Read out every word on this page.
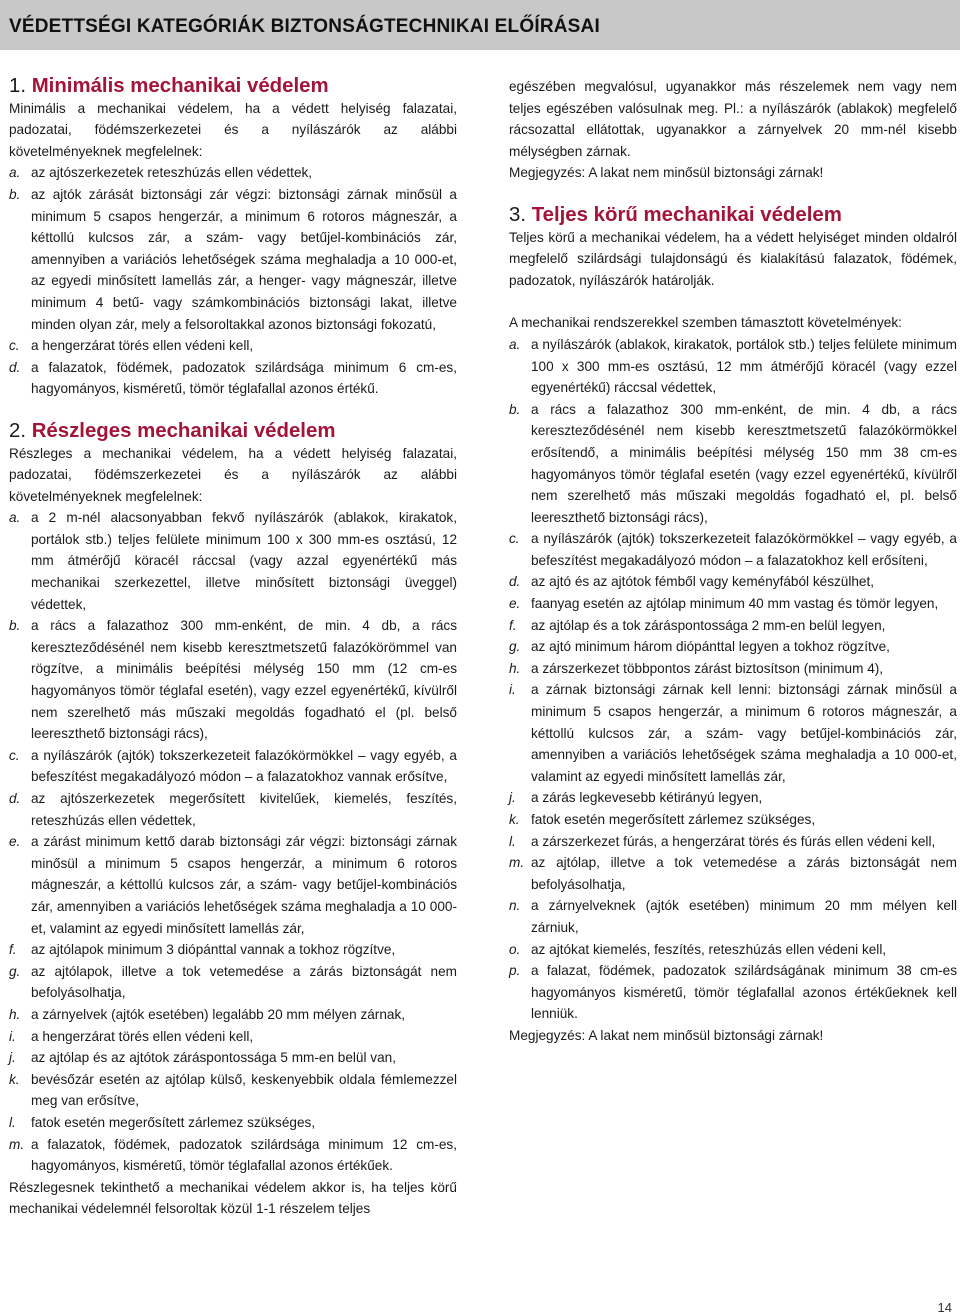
VÉDETTSÉGI KATEGÓRIÁK BIZTONSÁGTECHNIKAI ELŐÍRÁSAI
1. Minimális mechanikai védelem

Minimális a mechanikai védelem, ha a védett helyiség falazatai, padozatai, födémszerkezetei és a nyílászárók az alábbi követelményeknek megfelelnek:

a. az ajtószerkezetek reteszhúzás ellen védettek,
b. az ajtók zárását biztonsági zár végzi: biztonsági zárnak minősül a minimum 5 csapos hengerzár, a minimum 6 rotoros mágneszár, a kéttollú kulcsos zár, a szám- vagy betűjel-kombinációs zár, amennyiben a variációs lehetőségek száma meghaladja a 10 000-et, az egyedi minősített lamellás zár, a henger- vagy mágneszár, illetve minimum 4 betű- vagy számkombinációs biztonsági lakat, illetve minden olyan zár, mely a felsoroltakkal azonos biztonsági fokozatú,
c. a hengerzárat törés ellen védeni kell,
d. a falazatok, födémek, padozatok szilárdsága minimum 6 cm-es, hagyományos, kisméretű, tömör téglafallal azonos értékű.
2. Részleges mechanikai védelem

Részleges a mechanikai védelem, ha a védett helyiség falazatai, padozatai, födémszerkezetei és a nyílászárók az alábbi követelményeknek megfelelnek:

a. a 2 m-nél alacsonyabban fekvő nyílászárók (ablakok, kirakatok, portálok stb.) teljes felülete minimum 100 x 300 mm-es osztású, 12 mm átmérőjű köracél ráccsal (vagy azzal egyenértékű más mechanikai szerkezettel, illetve minősített biztonsági üveggel) védettek,
b. a rács a falazathoz 300 mm-enként, de min. 4 db, a rács kereszteződésénél nem kisebb keresztmetszetű falazókörömmel van rögzítve, a minimális beépítési mélység 150 mm (12 cm-es hagyományos tömör téglafal esetén), vagy ezzel egyenértékű, kívülről nem szerelhető más műszaki megoldás fogadható el (pl. belső leereszthető biztonsági rács),
c. a nyílászárók (ajtók) tokszerkezeteit falazókörmökkel – vagy egyéb, a befeszítést megakadályozó módon – a falazatokhoz vannak erősítve,
d. az ajtószerkezetek megerősített kivitelűek, kiemelés, feszítés, reteszhúzás ellen védettek,
e. a zárást minimum kettő darab biztonsági zár végzi: biztonsági zárnak minősül a minimum 5 csapos hengerzár, a minimum 6 rotoros mágneszár, a kéttollú kulcsos zár, a szám- vagy betűjel-kombinációs zár, amennyiben a variációs lehetőségek száma meghaladja a 10 000-et, valamint az egyedi minősített lamellás zár,
f.	az ajtólapok minimum 3 diópánttal vannak a tokhoz rögzítve,
g. az ajtólapok, illetve a tok vetemedése a zárás biztonságát nem befolyásolhatja,
h. a zárnyelvek (ajtók esetében) legalább 20 mm mélyen zárnak,
i.	a hengerzárat törés ellen védeni kell,
j.	az ajtólap és az ajtótok záráspontossága 5 mm-en belül van,
k. bevésőzár esetén az ajtólap külső, keskenyebbik oldala fémlemezzel meg van erősítve,
l.	fatok esetén megerősített zárlemez szükséges,
m. a falazatok, födémek, padozatok szilárdsága minimum 12 cm-es, hagyományos, kisméretű, tömör téglafallal azonos értékűek.

Részlegesnek tekinthető a mechanikai védelem akkor is, ha teljes körű mechanikai védelemnél felsoroltak közül 1-1 részelem teljes

egészében megvalósul, ugyanakkor más részelemek nem vagy nem teljes egészében valósulnak meg. Pl.: a nyílászárók (ablakok) megfelelő rácsozattal ellátottak, ugyanakkor a zárnyelvek 20 mm-nél kisebb mélységben zárnak.

Megjegyzés: A lakat nem minősül biztonsági zárnak!

3. Teljes körű mechanikai védelem

Teljes körű a mechanikai védelem, ha a védett helyiséget minden oldalról megfelelő szilárdsági tulajdonságú és kialakítású falazatok, födémek, padozatok, nyílászárók határolják.

A mechanikai rendszerekkel szemben támasztott követelmények:

a. a nyílászárók (ablakok, kirakatok, portálok stb.) teljes felülete minimum 100 x 300 mm-es osztású, 12 mm átmérőjű köracél (vagy ezzel egyenértékű) ráccsal védettek,
b. a rács a falazathoz 300 mm-enként, de min. 4 db, a rács kereszteződésénél nem kisebb keresztmetszetű falazókörmökkel erősítendő, a minimális beépítési mélység 150 mm 38 cm-es hagyományos tömör téglafal esetén (vagy ezzel egyenértékű, kívülről nem szerelhető más műszaki megoldás fogadható el, pl. belső leereszthető biztonsági rács),
c. a nyílászárók (ajtók) tokszerkezeteit falazókörmökkel – vagy egyéb, a befeszítést megakadályozó módon – a falazatokhoz kell erősíteni,
d. az ajtó és az ajtótok fémből vagy keményfából készülhet,
e. faanyag esetén az ajtólap minimum 40 mm vastag és tömör legyen,
f.	az ajtólap és a tok záráspontossága 2 mm-en belül legyen,
g. az ajtó minimum három diópánttal legyen a tokhoz rögzítve,
h. a zárszerkezet többpontos zárást biztosítson (minimum 4),
i.	a zárnak biztonsági zárnak kell lenni: biztonsági zárnak minősül a minimum 5 csapos hengerzár, a minimum 6 rotoros mágneszár, a kéttollú kulcsos zár, a szám- vagy betűjel-kombinációs zár, amennyiben a variációs lehetőségek száma meghaladja a 10 000-et, valamint az egyedi minősített lamellás zár,
j.	a zárás legkevesebb kétirányú legyen,
k. fatok esetén megerősített zárlemez szükséges,
l.	a zárszerkezet fúrás, a hengerzárat törés és fúrás ellen védeni kell,
m. az ajtólap, illetve a tok vetemedése a zárás biztonságát nem befolyásolhatja,
n. a zárnyelveknek (ajtók esetében) minimum 20 mm mélyen kell zárniuk,
o. az ajtókat kiemelés, feszítés, reteszhúzás ellen védeni kell,
p. a falazat, födémek, padozatok szilárdságának minimum 38 cm-es hagyományos kisméretű, tömör téglafallal azonos értékűeknek kell lenniük.

Megjegyzés: A lakat nem minősül biztonsági zárnak!

14
